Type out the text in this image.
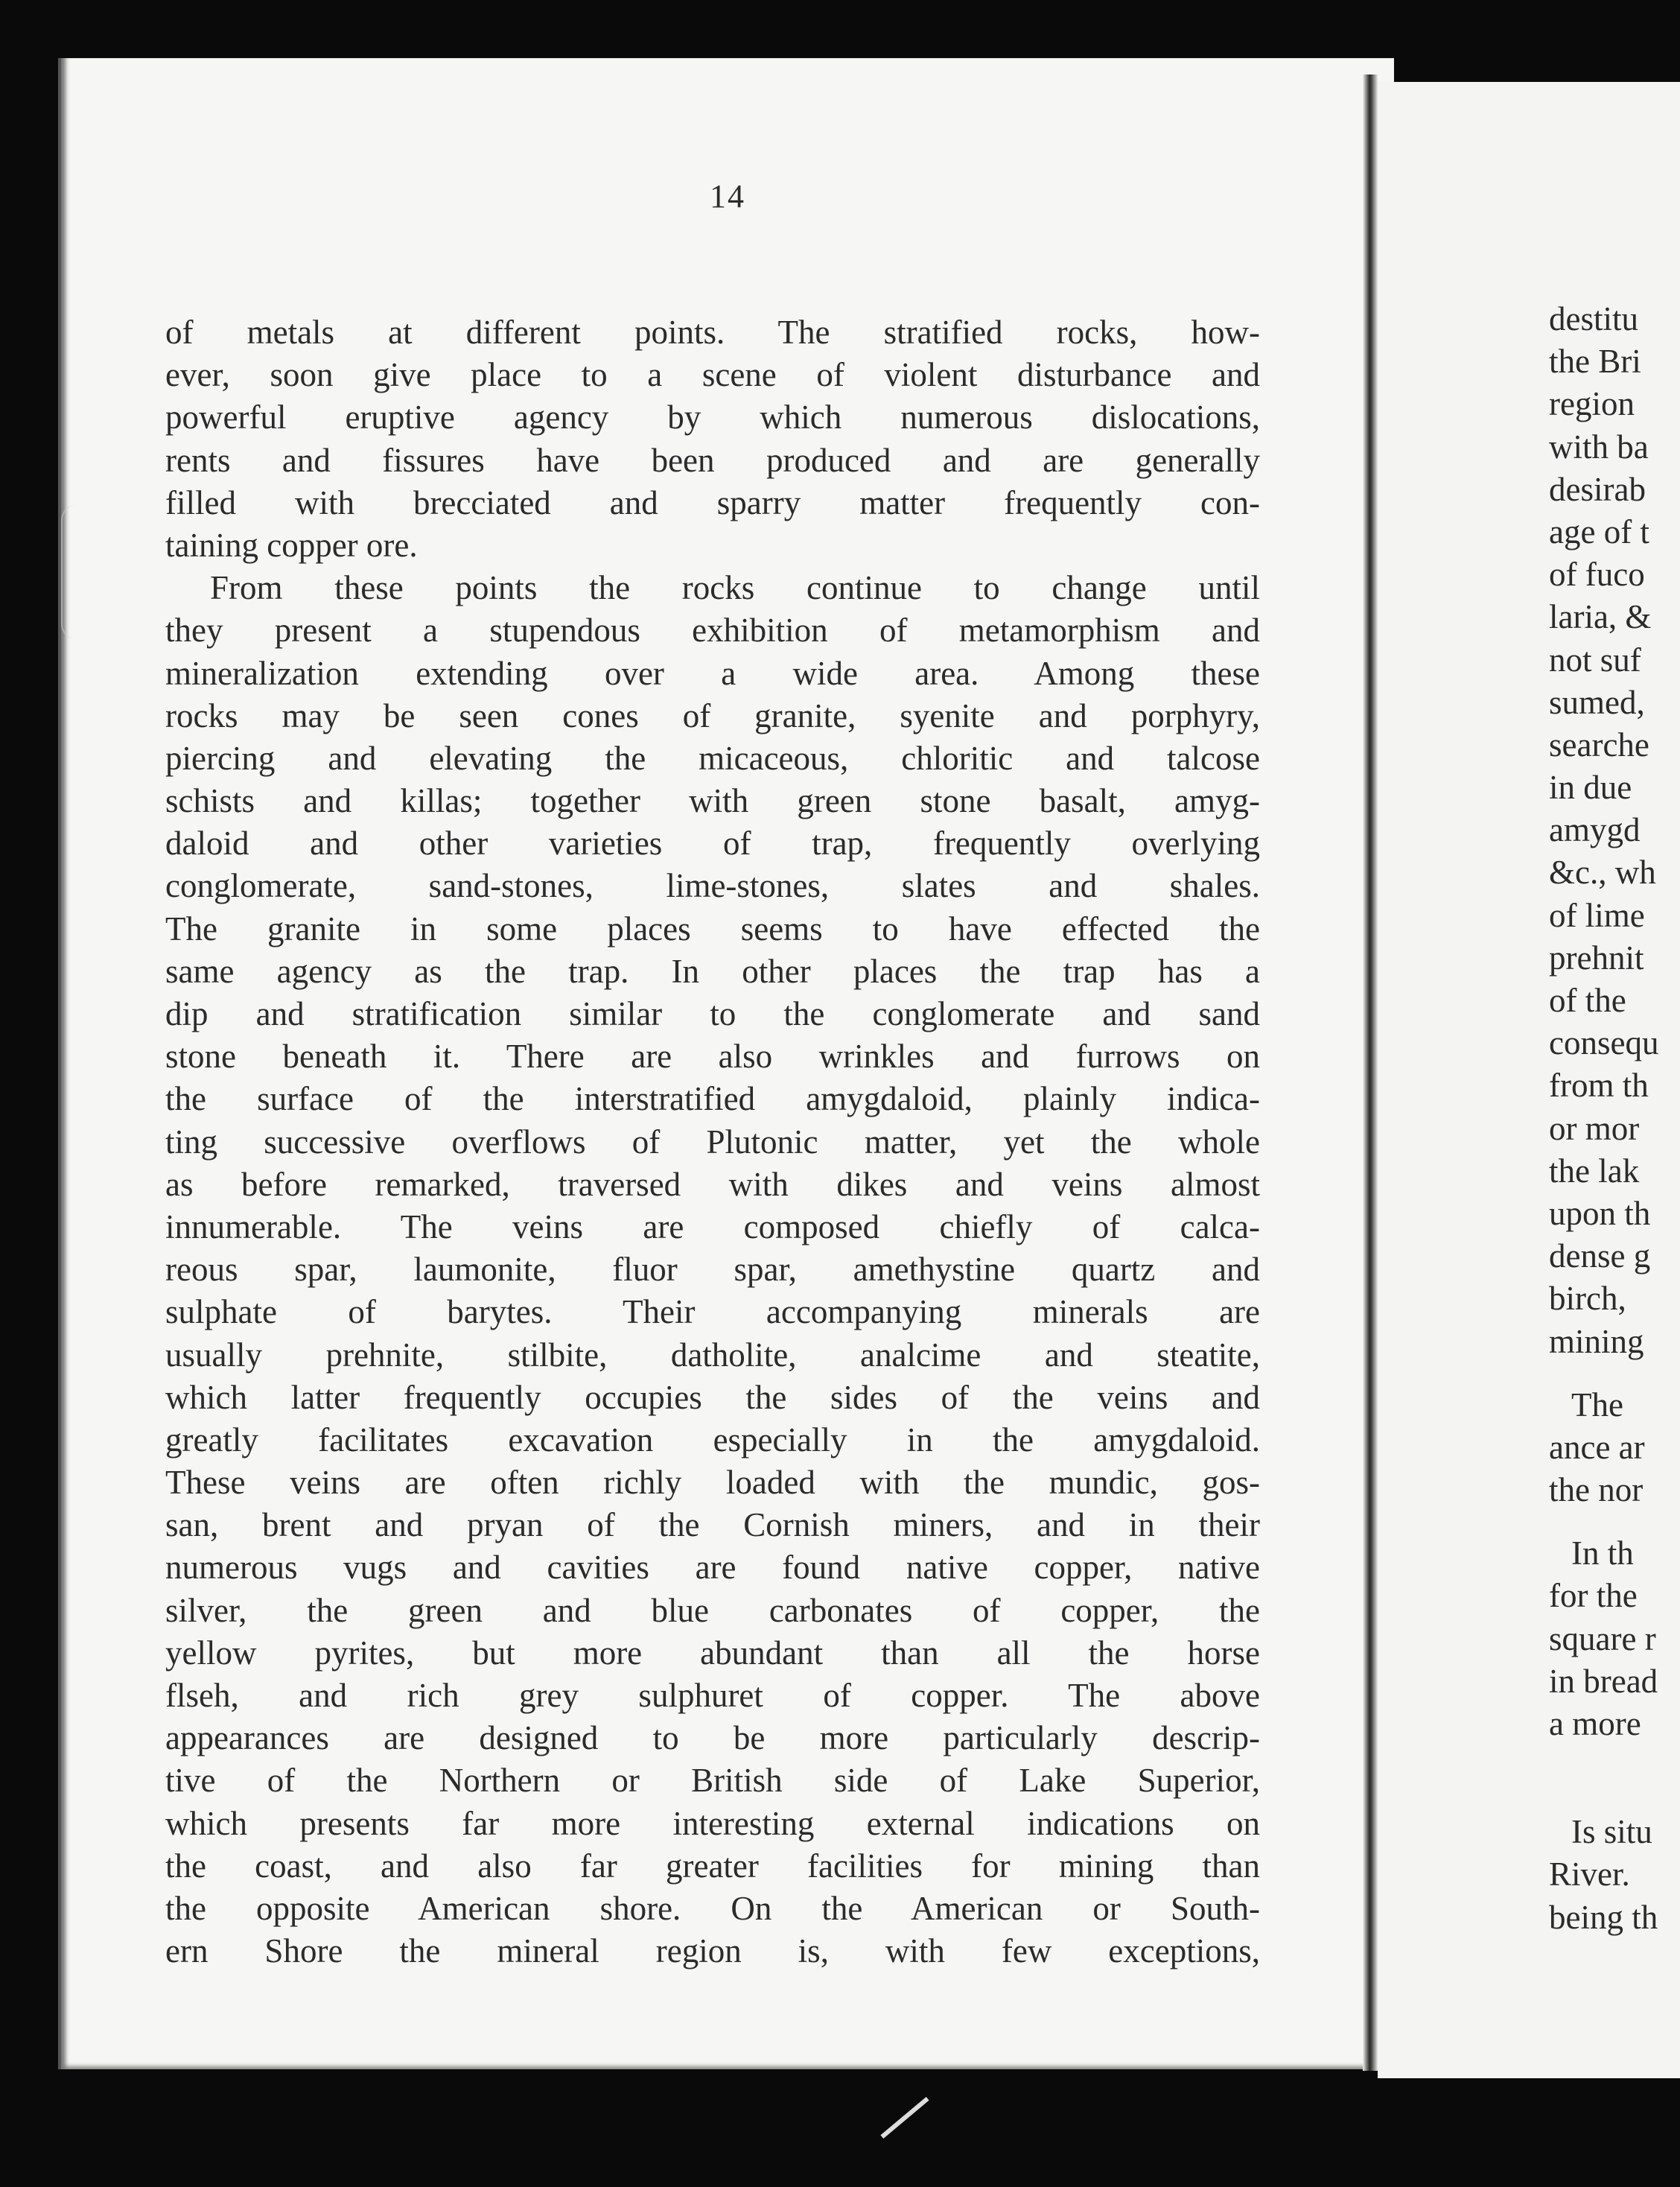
14
of metals at different points. The stratified rocks, how-
ever, soon give place to a scene of violent disturbance and
powerful eruptive agency by which numerous dislocations,
rents and fissures have been produced and are generally
filled with brecciated and sparry matter frequently con-
taining copper ore.
From these points the rocks continue to change until
they present a stupendous exhibition of metamorphism and
mineralization extending over a wide area. Among these
rocks may be seen cones of granite, syenite and porphyry,
piercing and elevating the micaceous, chloritic and talcose
schists and killas; together with green stone basalt, amyg-
daloid and other varieties of trap, frequently overlying
conglomerate, sand-stones, lime-stones, slates and shales.
The granite in some places seems to have effected the
same agency as the trap. In other places the trap has a
dip and stratification similar to the conglomerate and sand
stone beneath it. There are also wrinkles and furrows on
the surface of the interstratified amygdaloid, plainly indica-
ting successive overflows of Plutonic matter, yet the whole
as before remarked, traversed with dikes and veins almost
innumerable. The veins are composed chiefly of calca-
reous spar, laumonite, fluor spar, amethystine quartz and
sulphate of barytes. Their accompanying minerals are
usually prehnite, stilbite, datholite, analcime and steatite,
which latter frequently occupies the sides of the veins and
greatly facilitates excavation especially in the amygdaloid.
These veins are often richly loaded with the mundic, gos-
san, brent and pryan of the Cornish miners, and in their
numerous vugs and cavities are found native copper, native
silver, the green and blue carbonates of copper, the
yellow pyrites, but more abundant than all the horse
flseh, and rich grey sulphuret of copper. The above
appearances are designed to be more particularly descrip-
tive of the Northern or British side of Lake Superior,
which presents far more interesting external indications on
the coast, and also far greater facilities for mining than
the opposite American shore. On the American or South-
ern Shore the mineral region is, with few exceptions,
destitu
the Bri
region
with ba
desirab
age of t
of fuco
laria, &
not suf
sumed,
searche
in due
amygd
&c., wh
of lime
prehnit
of the
consequ
from th
or mor
the lak
upon th
dense g
birch,
mining
The
ance ar
the nor
In th
for the
square r
in bread
a more
Is situ
River.
being th
